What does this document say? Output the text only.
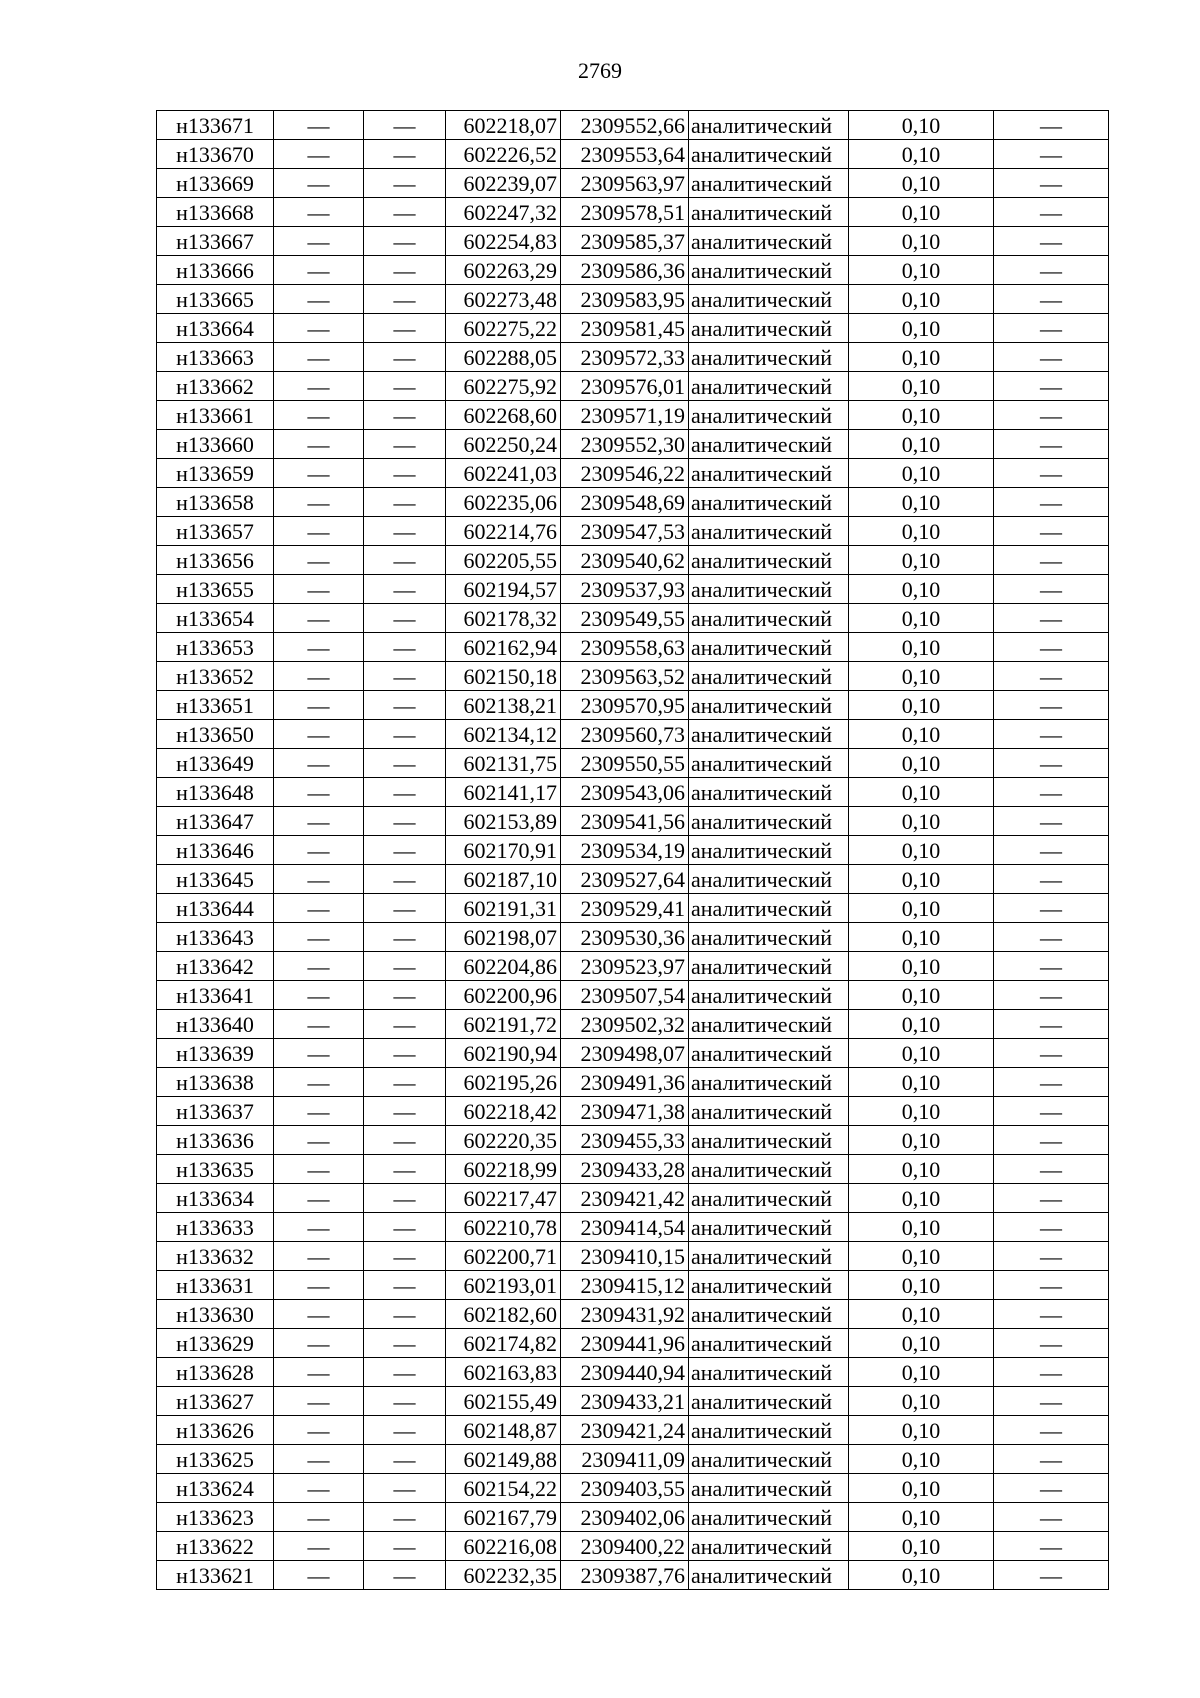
2769
н133671	—	—	602218,07	2309552,66	аналитический	0,10	—
н133670	—	—	602226,52	2309553,64	аналитический	0,10	—
н133669	—	—	602239,07	2309563,97	аналитический	0,10	—
н133668	—	—	602247,32	2309578,51	аналитический	0,10	—
н133667	—	—	602254,83	2309585,37	аналитический	0,10	—
н133666	—	—	602263,29	2309586,36	аналитический	0,10	—
н133665	—	—	602273,48	2309583,95	аналитический	0,10	—
н133664	—	—	602275,22	2309581,45	аналитический	0,10	—
н133663	—	—	602288,05	2309572,33	аналитический	0,10	—
н133662	—	—	602275,92	2309576,01	аналитический	0,10	—
н133661	—	—	602268,60	2309571,19	аналитический	0,10	—
н133660	—	—	602250,24	2309552,30	аналитический	0,10	—
н133659	—	—	602241,03	2309546,22	аналитический	0,10	—
н133658	—	—	602235,06	2309548,69	аналитический	0,10	—
н133657	—	—	602214,76	2309547,53	аналитический	0,10	—
н133656	—	—	602205,55	2309540,62	аналитический	0,10	—
н133655	—	—	602194,57	2309537,93	аналитический	0,10	—
н133654	—	—	602178,32	2309549,55	аналитический	0,10	—
н133653	—	—	602162,94	2309558,63	аналитический	0,10	—
н133652	—	—	602150,18	2309563,52	аналитический	0,10	—
н133651	—	—	602138,21	2309570,95	аналитический	0,10	—
н133650	—	—	602134,12	2309560,73	аналитический	0,10	—
н133649	—	—	602131,75	2309550,55	аналитический	0,10	—
н133648	—	—	602141,17	2309543,06	аналитический	0,10	—
н133647	—	—	602153,89	2309541,56	аналитический	0,10	—
н133646	—	—	602170,91	2309534,19	аналитический	0,10	—
н133645	—	—	602187,10	2309527,64	аналитический	0,10	—
н133644	—	—	602191,31	2309529,41	аналитический	0,10	—
н133643	—	—	602198,07	2309530,36	аналитический	0,10	—
н133642	—	—	602204,86	2309523,97	аналитический	0,10	—
н133641	—	—	602200,96	2309507,54	аналитический	0,10	—
н133640	—	—	602191,72	2309502,32	аналитический	0,10	—
н133639	—	—	602190,94	2309498,07	аналитический	0,10	—
н133638	—	—	602195,26	2309491,36	аналитический	0,10	—
н133637	—	—	602218,42	2309471,38	аналитический	0,10	—
н133636	—	—	602220,35	2309455,33	аналитический	0,10	—
н133635	—	—	602218,99	2309433,28	аналитический	0,10	—
н133634	—	—	602217,47	2309421,42	аналитический	0,10	—
н133633	—	—	602210,78	2309414,54	аналитический	0,10	—
н133632	—	—	602200,71	2309410,15	аналитический	0,10	—
н133631	—	—	602193,01	2309415,12	аналитический	0,10	—
н133630	—	—	602182,60	2309431,92	аналитический	0,10	—
н133629	—	—	602174,82	2309441,96	аналитический	0,10	—
н133628	—	—	602163,83	2309440,94	аналитический	0,10	—
н133627	—	—	602155,49	2309433,21	аналитический	0,10	—
н133626	—	—	602148,87	2309421,24	аналитический	0,10	—
н133625	—	—	602149,88	2309411,09	аналитический	0,10	—
н133624	—	—	602154,22	2309403,55	аналитический	0,10	—
н133623	—	—	602167,79	2309402,06	аналитический	0,10	—
н133622	—	—	602216,08	2309400,22	аналитический	0,10	—
н133621	—	—	602232,35	2309387,76	аналитический	0,10	—
